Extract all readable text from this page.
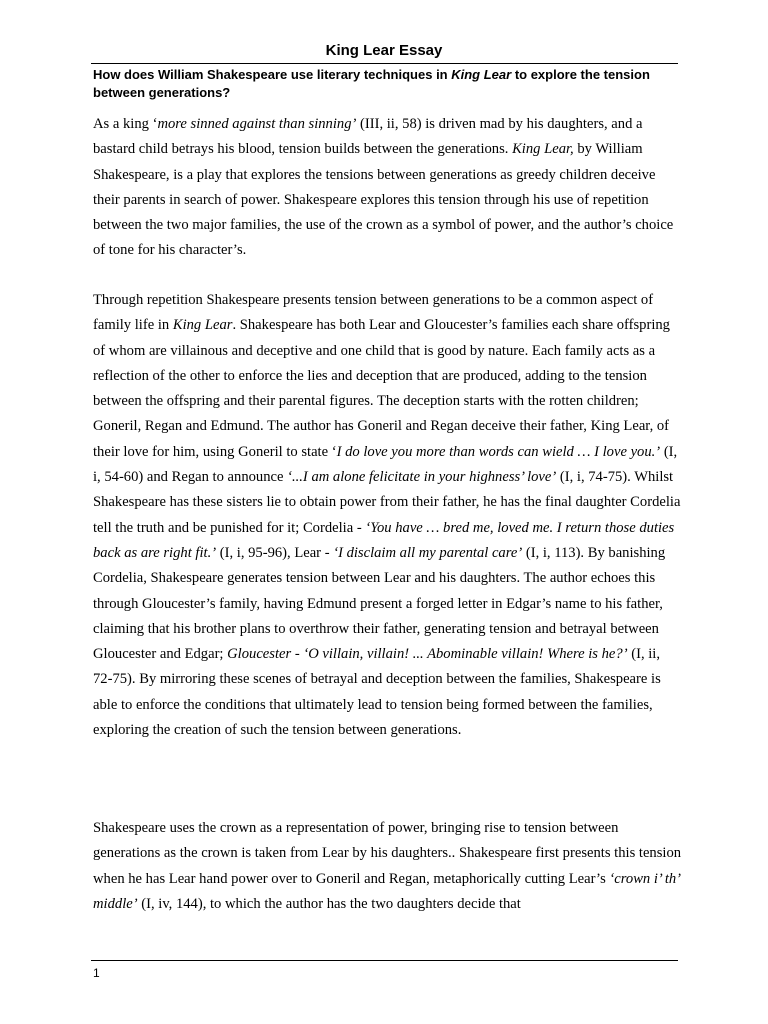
King Lear Essay
How does William Shakespeare use literary techniques in King Lear to explore the tension between generations?
As a king ‘more sinned against than sinning’ (III, ii, 58) is driven mad by his daughters, and a bastard child betrays his blood, tension builds between the generations. King Lear, by William Shakespeare, is a play that explores the tensions between generations as greedy children deceive their parents in search of power. Shakespeare explores this tension through his use of repetition between the two major families, the use of the crown as a symbol of power, and the author’s choice of tone for his character’s.
Through repetition Shakespeare presents tension between generations to be a common aspect of family life in King Lear. Shakespeare has both Lear and Gloucester’s families each share offspring of whom are villainous and deceptive and one child that is good by nature. Each family acts as a reflection of the other to enforce the lies and deception that are produced, adding to the tension between the offspring and their parental figures. The deception starts with the rotten children; Goneril, Regan and Edmund. The author has Goneril and Regan deceive their father, King Lear, of their love for him, using Goneril to state ‘I do love you more than words can wield … I love you.’ (I, i, 54-60) and Regan to announce ‘...I am alone felicitate in your highness’ love’ (I, i, 74-75). Whilst Shakespeare has these sisters lie to obtain power from their father, he has the final daughter Cordelia tell the truth and be punished for it; Cordelia - ‘You have … bred me, loved me. I return those duties back as are right fit.’ (I, i, 95-96), Lear - ‘I disclaim all my parental care’ (I, i, 113). By banishing Cordelia, Shakespeare generates tension between Lear and his daughters. The author echoes this through Gloucester’s family, having Edmund present a forged letter in Edgar’s name to his father, claiming that his brother plans to overthrow their father, generating tension and betrayal between Gloucester and Edgar; Gloucester - ‘O villain, villain! ... Abominable villain! Where is he?’ (I, ii, 72-75). By mirroring these scenes of betrayal and deception between the families, Shakespeare is able to enforce the conditions that ultimately lead to tension being formed between the families, exploring the creation of such the tension between generations.
Shakespeare uses the crown as a representation of power, bringing rise to tension between generations as the crown is taken from Lear by his daughters.. Shakespeare first presents this tension when he has Lear hand power over to Goneril and Regan, metaphorically cutting Lear’s ‘crown i’ th’ middle’ (I, iv, 144), to which the author has the two daughters decide that
1
